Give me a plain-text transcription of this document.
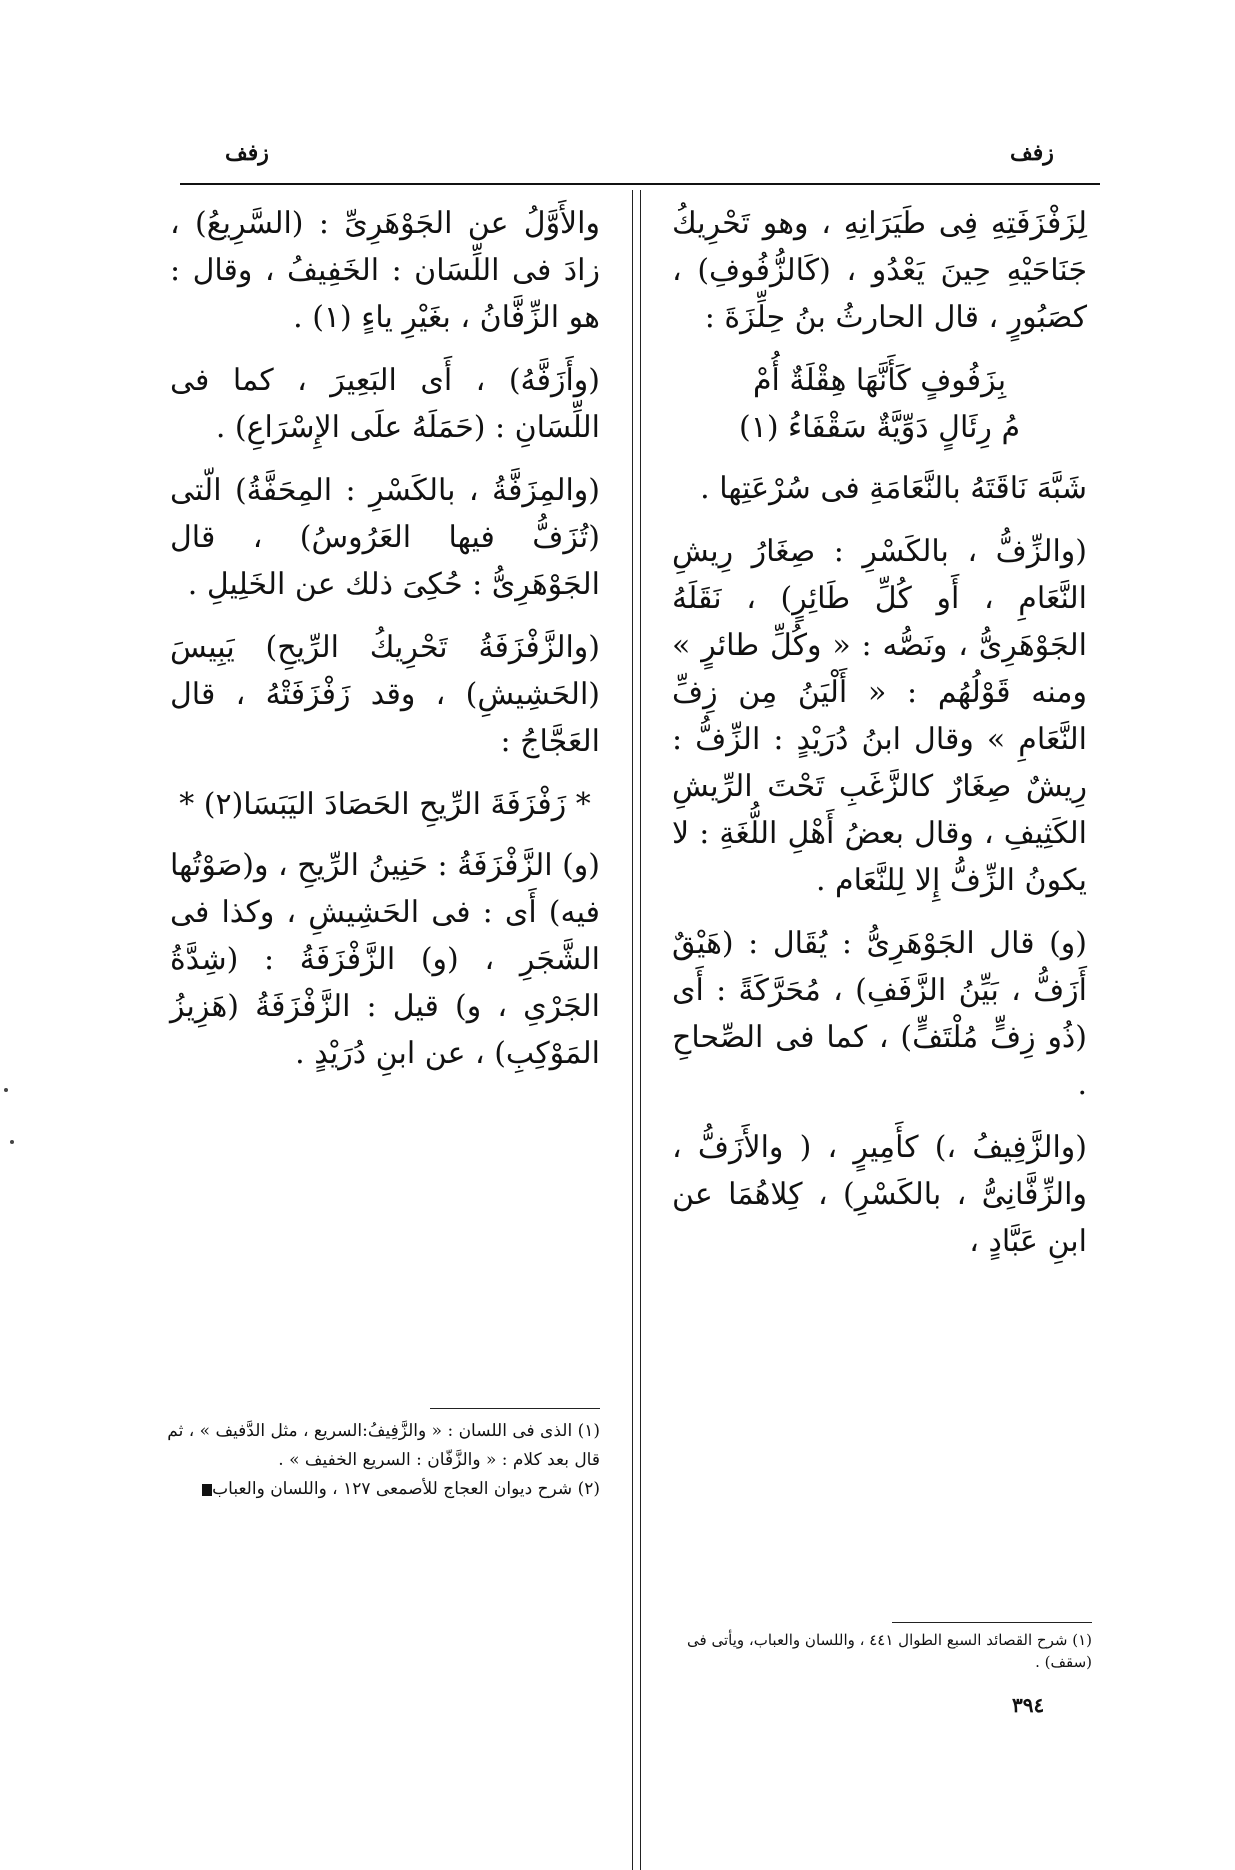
زفف
زفف

لِزَفْزَفَتِهِ فِى طَيَرَانِهِ ، وهو تَحْرِيكُ جَنَاحَيْهِ حِينَ يَعْدُو ، (كَالزُّفُوفِ) ، كصَبُورٍ ، قال الحارثُ بنُ حِلِّزَةَ :

بِزَفُوفٍ كَأَنَّهَا هِقْلَةٌ أُمْ
مُ رِئَالٍ دَوِّيَّةٌ سَقْفَاءُ (١)

شَبَّهَ نَاقَتَهُ بالنَّعَامَةِ فى سُرْعَتِها .

(والزِّفُّ ، بالكَسْرِ : صِغَارُ رِيشِ النَّعَامِ ، أَو كُلِّ طَائِرٍ) ، نَقَلَهُ الجَوْهَرِىُّ ، ونَصُّه : « وكُلِّ طائرٍ » ومنه قَوْلُهُم : « أَلْيَنُ مِن زِفِّ النَّعَامِ » وقال ابنُ دُرَيْدٍ : الزِّفُّ : رِيشٌ صِغَارٌ كالزَّغَبِ تَحْتَ الرِّيشِ الكَثِيفِ ، وقال بعضُ أَهْلِ اللُّغَةِ : لا يكونُ الزِّفُّ إِلا لِلنَّعَام .

(و) قال الجَوْهَرِىُّ : يُقَال : (هَيْقٌ أَزَفُّ ، بَيِّنُ الزَّفَفِ) ، مُحَرَّكَةً : أَى (ذُو زِفٍّ مُلْتَفٍّ) ، كما فى الصِّحاحِ .

(والزَّفِيفُ ،) كأَمِيرٍ ، ( والأَزَفُّ ، والزِّفَّانِىُّ ، بالكَسْرِ) ، كِلاهُمَا عن ابنِ عَبَّادٍ ،

(١) شرح القصائد السبع الطوال ٤٤١ ، واللسان والعباب، ويأتى فى (سقف) .

والأَوَّلُ عن الجَوْهَرِىِّ : (السَّرِيعُ) ، زادَ فى اللِّسَان : الخَفِيفُ ، وقال : هو الزِّفَّانُ ، بغَيْرِ ياءٍ (١) .

(وأَزَفَّهُ) ، أَى البَعِيرَ ، كما فى اللِّسَانِ : (حَمَلَهُ علَى الإِسْرَاعِ) .

(والمِزَفَّةُ ، بالكَسْرِ : المِحَفَّةُ) الّتى (تُزَفُّ فيها العَرُوسُ) ، قال الجَوْهَرِىُّ : حُكِىَ ذلك عن الخَلِيلِ .

(والزَّفْزَفَةُ تَحْرِيكُ الرِّيحِ) يَبِيسَ (الحَشِيشِ) ، وقد زَفْزَفَتْهُ ، قال العَجَّاجُ :

* زَفْزَفَةَ الرِّيحِ الحَصَادَ اليَبَسَا(٢) *

(و) الزَّفْزَفَةُ : حَنِينُ الرِّيحِ ، و(صَوْتُها فيه) أَى : فى الحَشِيشِ ، وكذا فى الشَّجَرِ ، (و) الزَّفْزَفَةُ : (شِدَّةُ الجَرْىِ ، و) قيل : الزَّفْزَفَةُ (هَزِيزُ المَوْكِبِ) ، عن ابنِ دُرَيْدٍ .

(١) الذى فى اللسان : « والزَّفِيفُ:السريع ، مثل الدَّفيف » ، ثم قال بعد كلام : « والزَّفّان : السريع الخفيف » .

(٢) شرح ديوان العجاج للأصمعى ١٢٧ ، واللسان والعباب

٣٩٤
